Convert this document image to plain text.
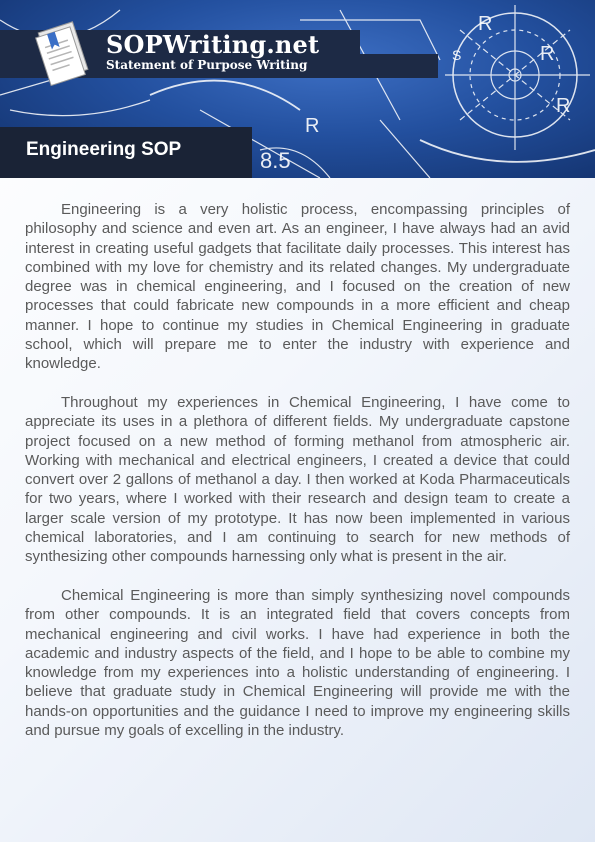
R
R
R
S
R
8.5
SOPWriting.net
Statement of Purpose Writing
Engineering SOP

Engineering is a very holistic process, encompassing principles of philosophy and science and even art. As an engineer, I have always had an avid interest in creating useful gadgets that facilitate daily processes. This interest has combined with my love for chemistry and its related changes. My undergraduate degree was in chemical engineering, and I focused on the creation of new processes that could fabricate new compounds in a more efficient and cheap manner. I hope to continue my studies in Chemical Engineering in graduate school, which will prepare me to enter the industry with experience and knowledge.

Throughout my experiences in Chemical Engineering, I have come to appreciate its uses in a plethora of different fields. My undergraduate capstone project focused on a new method of forming methanol from atmospheric air. Working with mechanical and electrical engineers, I created a device that could convert over 2 gallons of methanol a day. I then worked at Koda Pharmaceuticals for two years, where I worked with their research and design team to create a larger scale version of my prototype. It has now been implemented in various chemical laboratories, and I am continuing to search for new methods of synthesizing other compounds harnessing only what is present in the air.

Chemical Engineering is more than simply synthesizing novel compounds from other compounds. It is an integrated field that covers concepts from mechanical engineering and civil works. I have had experience in both the academic and industry aspects of the field, and I hope to be able to combine my knowledge from my experiences into a holistic understanding of engineering. I believe that graduate study in Chemical Engineering will provide me with the hands-on opportunities and the guidance I need to improve my engineering skills and pursue my goals of excelling in the industry.
